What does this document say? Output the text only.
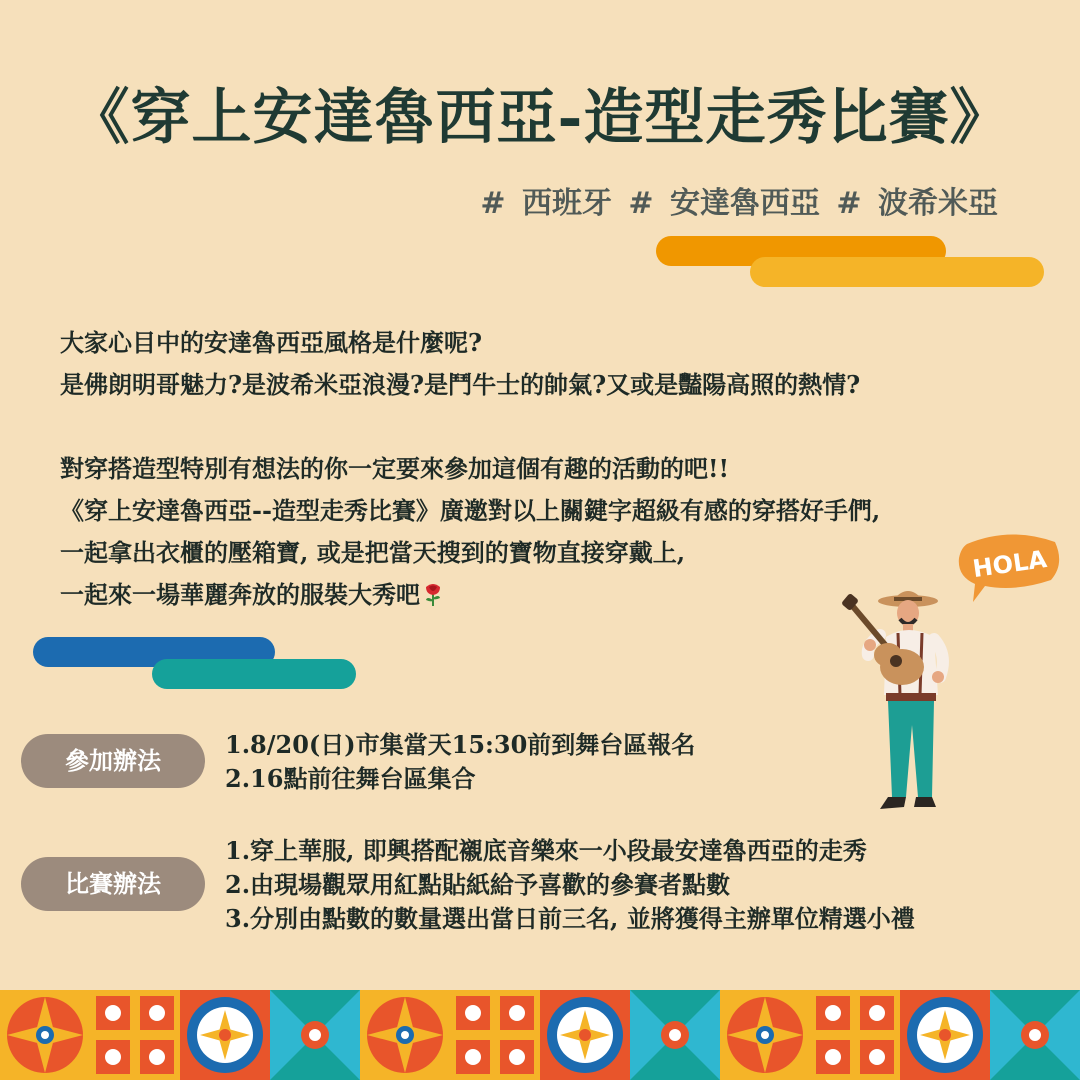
《穿上安達魯西亞-造型走秀比賽》
# 西班牙 # 安達魯西亞 # 波希米亞

大家心目中的安達魯西亞風格是什麼呢?

是佛朗明哥魅力?是波希米亞浪漫?是鬥牛士的帥氣?又或是豔陽高照的熱情?

對穿搭造型特別有想法的你一定要來參加這個有趣的活動的吧!!

《穿上安達魯西亞--造型走秀比賽》廣邀對以上關鍵字超級有感的穿搭好手們,

一起拿出衣櫃的壓箱寶, 或是把當天搜到的寶物直接穿戴上,

一起來一場華麗奔放的服裝大秀吧

HOLA
參加辦法

1.8/20(日)市集當天15:30前到舞台區報名

2.16點前往舞台區集合

比賽辦法

1.穿上華服, 即興搭配襯底音樂來一小段最安達魯西亞的走秀

2.由現場觀眾用紅點貼紙給予喜歡的參賽者點數

3.分別由點數的數量選出當日前三名, 並將獲得主辦單位精選小禮
